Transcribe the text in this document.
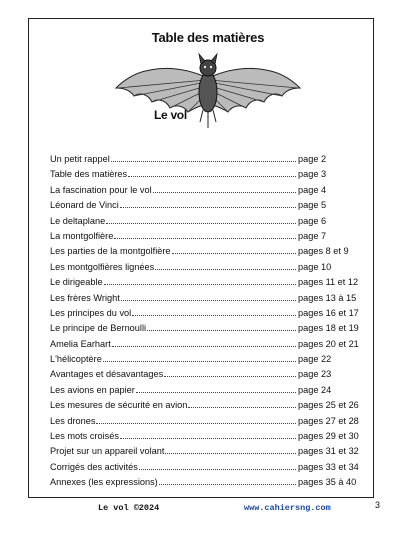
Table des matières
Le vol
Un petit rappel	page 2
Table des matières	page 3
La fascination pour le vol	page 4
Léonard de Vinci	page 5
Le deltaplane	page 6
La montgolfière	page 7
Les parties de la montgolfière	pages 8 et 9
Les montgolfières lignées	page 10
Le dirigeable	pages 11 et 12
Les frères Wright	pages 13 à 15
Les principes du vol	pages 16 et 17
Le principe de Bernoulli	pages 18 et 19
Amelia Earhart	pages 20 et 21
L'hélicoptère	page 22
Avantages et désavantages	page 23
Les avions en papier	page 24
Les mesures de sécurité en avion	pages 25 et 26
Les drones	pages 27 et 28
Les mots croisés	pages 29 et 30
Projet sur un appareil volant	pages 31 et 32
Corrigés des activités	pages 33 et 34
Annexes (les expressions)	pages 35 à 40
Le vol ©2024	www.cahiersng.com	3
